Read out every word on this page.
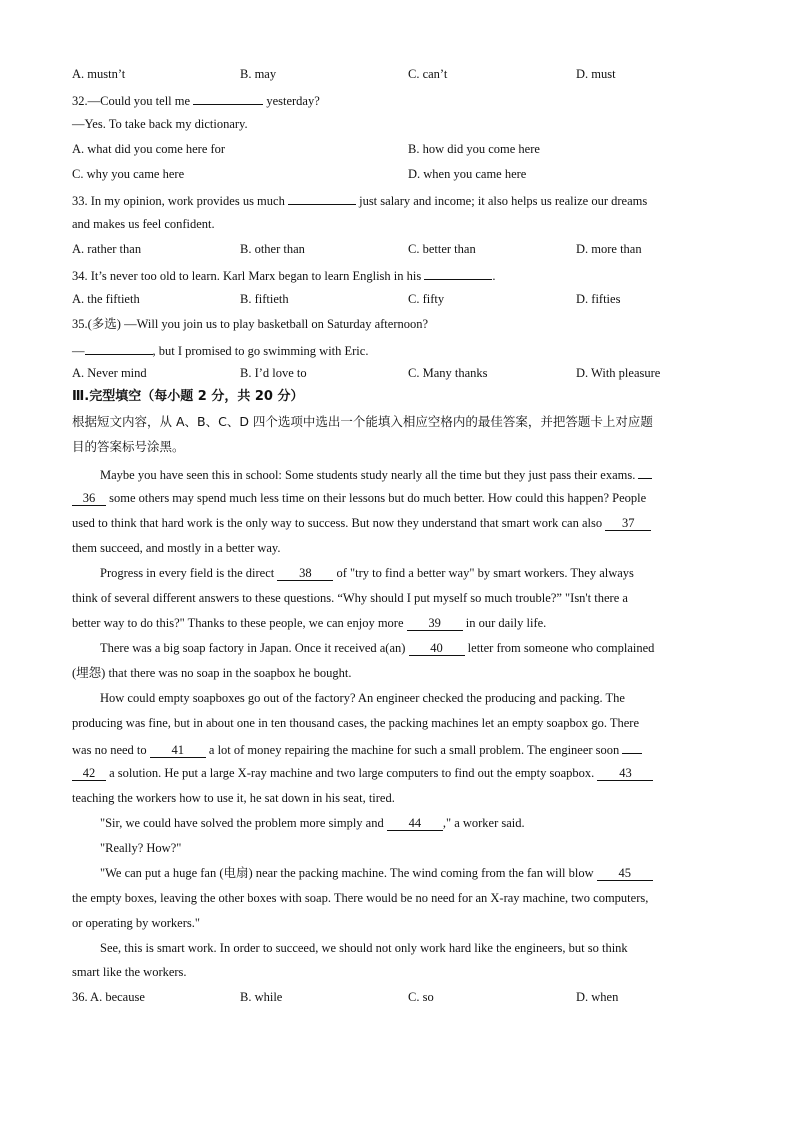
A. mustn’t	B. may	C. can’t	D. must
32.—Could you tell me	yesterday?
—Yes. To take back my dictionary.
A. what did you come here for	B. how did you come here
C. why you came here	D. when you came here
33. In my opinion, work provides us much	just salary and income; it also helps us realize our dreams
and makes us feel confident.
A. rather than	B. other than	C. better than	D. more than
34. It’s never too old to learn. Karl Marx began to learn English in his	.
A. the fiftieth	B. fiftieth	C. fifty	D. fifties
35.(多选) —Will you join us to play basketball on Saturday afternoon?
—	, but I promised to go swimming with Eric.
A. Never mind	B. I’d love to	C. Many thanks	D. With pleasure
Ⅲ.完型填空（每小题 2 分，共 20 分）
根据短文内容，从 A、B、C、D 四个选项中选出一个能填入相应空格内的最佳答案，并把答题卡上对应题
目的答案标号涂黑。
Maybe you have seen this in school: Some students study nearly all the time but they just pass their exams.
36 some others may spend much less time on their lessons but do much better. How could this happen? People
used to think that hard work is the only way to success. But now they understand that smart work can also 37
them succeed, and mostly in a better way.
Progress in every field is the direct 38 of "try to find a better way" by smart workers. They always
think of several different answers to these questions. “Why should I put myself so much trouble?” "Isn't there a
better way to do this?" Thanks to these people, we can enjoy more 39 in our daily life.
There was a big soap factory in Japan. Once it received a(an) 40 letter from someone who complained
(埋怨) that there was no soap in the soapbox he bought.
How could empty soapboxes go out of the factory? An engineer checked the producing and packing. The
producing was fine, but in about one in ten thousand cases, the packing machines let an empty soapbox go. There
was no need to 41 a lot of money repairing the machine for such a small problem. The engineer soon
42 a solution. He put a large X-ray machine and two large computers to find out the empty soapbox. 43
teaching the workers how to use it, he sat down in his seat, tired.
"Sir, we could have solved the problem more simply and 44 ," a worker said.
"Really? How?"
"We can put a huge fan (电扇) near the packing machine. The wind coming from the fan will blow 45
the empty boxes, leaving the other boxes with soap. There would be no need for an X-ray machine, two computers,
or operating by workers."
See, this is smart work. In order to succeed, we should not only work hard like the engineers, but so think
smart like the workers.
36. A. because	B. while	C. so	D. when
